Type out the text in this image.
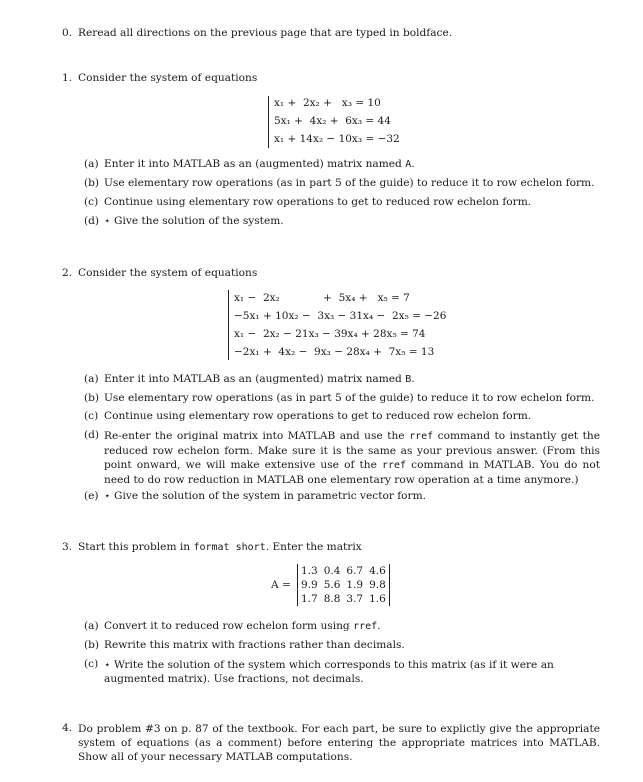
0. Reread all directions on the previous page that are typed in boldface.
1. Consider the system of equations
x₁ +  2x₂ +   x₃ = 10
5x₁ +  4x₂ +  6x₃ = 44
x₁ + 14x₂ − 10x₃ = −32
(a) Enter it into MATLAB as an (augmented) matrix named A.
(b) Use elementary row operations (as in part 5 of the guide) to reduce it to row echelon form.
(c) Continue using elementary row operations to get to reduced row echelon form.
(d) ⋆ Give the solution of the system.
2. Consider the system of equations
x₁ −  2x₂             +  5x₄ +   x₅ = 7
−5x₁ + 10x₂ −  3x₃ − 31x₄ −  2x₅ = −26
x₁ −  2x₂ − 21x₃ − 39x₄ + 28x₅ = 74
−2x₁ +  4x₂ −  9x₃ − 28x₄ +  7x₅ = 13
(a) Enter it into MATLAB as an (augmented) matrix named B.
(b) Use elementary row operations (as in part 5 of the guide) to reduce it to row echelon form.
(c) Continue using elementary row operations to get to reduced row echelon form.
(d) Re-enter the original matrix into MATLAB and use the rref command to instantly get the reduced row echelon form. Make sure it is the same as your previous answer. (From this point onward, we will make extensive use of the rref command in MATLAB. You do not need to do row reduction in MATLAB one elementary row operation at a time anymore.)
(e) ⋆ Give the solution of the system in parametric vector form.
3. Start this problem in format short. Enter the matrix
A =
1.3	0.4	6.7	4.6
9.9	5.6	1.9	9.8
1.7	8.8	3.7	1.6
(a) Convert it to reduced row echelon form using rref.
(b) Rewrite this matrix with fractions rather than decimals.
(c) ⋆ Write the solution of the system which corresponds to this matrix (as if it were an augmented matrix). Use fractions, not decimals.
4. Do problem #3 on p. 87 of the textbook. For each part, be sure to explictly give the appropriate system of equations (as a comment) before entering the appropriate matrices into MATLAB. Show all of your necessary MATLAB computations.
